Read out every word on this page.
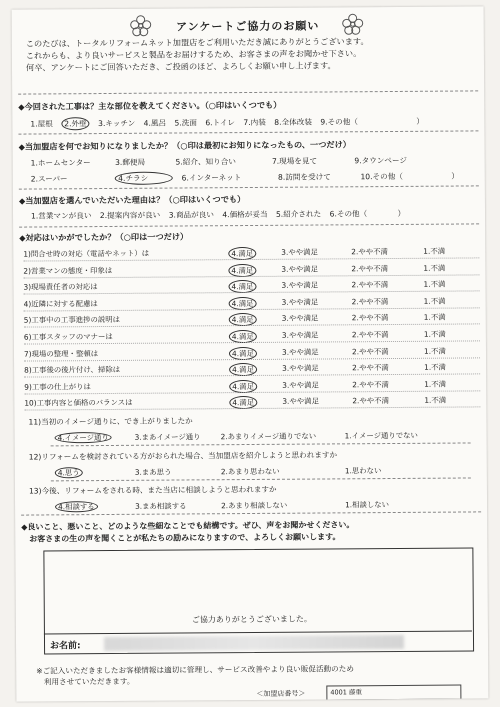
アンケートご協力のお願い
このたびは、トータルリフォームネット加盟店をご利用いただき誠にありがとうございます。
これからも、より良いサービスと製品をお届けするため、お客さまの声をお聞かせ下さい。
何卒、アンケートにご回答いただき、ご投函のほど、よろしくお願い申し上げます。
◆今回された工事は？主な部位を教えてください。（○印はいくつでも）
1.屋根 2.外壁 3.キッチン 4.風呂 5.洗面 6.トイレ 7.内装 8.全体改装 9.その他（	）
◆当加盟店を何でお知りになりましたか？（○印は最初にお知りになったもの、一つだけ）
1.ホームセンター	3.郵便局	5.紹介、知り合い	7.現場を見て	9.タウンページ
2.スーパー	4.チラシ	6.インターネット	8.訪問を受けて	10.その他（	）
◆当加盟店を選んでいただいた理由は？（○印はいくつでも）
1.営業マンが良い 2.提案内容が良い 3.商品が良い 4.価格が妥当 5.紹介された 6.その他（	）
◆対応はいかがでしたか？（○印は一つだけ）
1)問合せ時の対応（電話やネット）は	4.満足	3.やや満足	2.やや不満	1.不満
2)営業マンの態度・印象は	4.満足	3.やや満足	2.やや不満	1.不満
3)現場責任者の対応は	4.満足	3.やや満足	2.やや不満	1.不満
4)近隣に対する配慮は	4.満足	3.やや満足	2.やや不満	1.不満
5)工事中の工事進捗の説明は	4.満足	3.やや満足	2.やや不満	1.不満
6)工事スタッフのマナーは	4.満足	3.やや満足	2.やや不満	1.不満
7)現場の整理・整頓は	4.満足	3.やや満足	2.やや不満	1.不満
8)工事後の後片付け、掃除は	4.満足	3.やや満足	2.やや不満	1.不満
9)工事の仕上がりは	4.満足	3.やや満足	2.やや不満	1.不満
10)工事内容と価格のバランスは	4.満足	3.やや満足	2.やや不満	1.不満
11)当初のイメージ通りに、でき上がりましたか
4.イメージ通り	3.まあイメージ通り	2.あまりイメージ通りでない	1.イメージ通りでない
12)リフォームを検討されている方がおられた場合、当加盟店を紹介しようと思われますか
4.思う	3.まあ思う	2.あまり思わない	1.思わない
13)今後、リフォームをされる時、また当店に相談しようと思われますか
4.相談する	3.まあ相談する	2.あまり相談しない	1.相談しない
◆良いこと、悪いこと、どのような些細なことでも結構です。ぜひ、声をお聞かせください。
　お客さまの生の声を聞くことが私たちの励みになりますので、よろしくお願いします。
ご協力ありがとうございました。
お名前:
※ご記入いただきましたお客様情報は適切に管理し、サービス改善やより良い販促活動のため
　利用させていただきます。
＜加盟店番号＞	4001 藤重
